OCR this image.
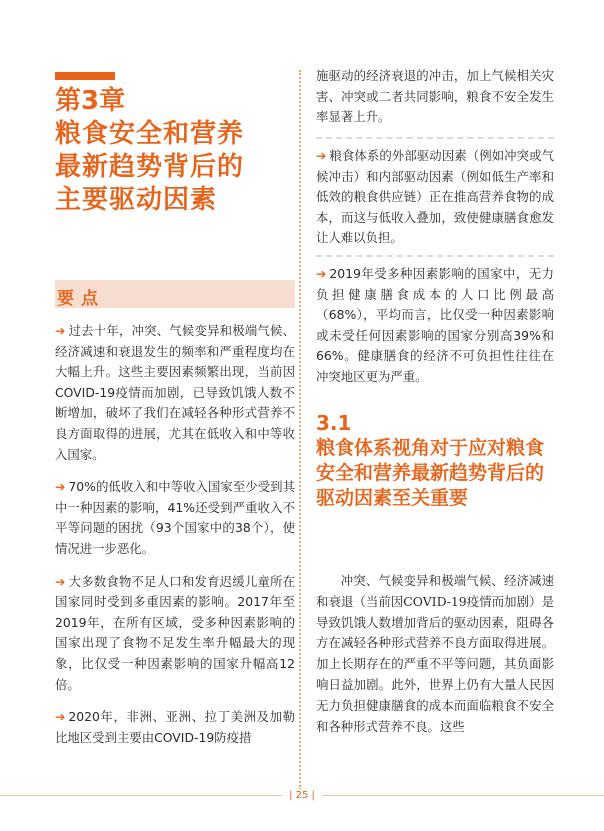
第3章
粮食安全和营养
最新趋势背后的
主要驱动因素
要点
➔ 过去十年，冲突、气候变异和极端气候、经济减速和衰退发生的频率和严重程度均在大幅上升。这些主要因素频繁出现，当前因COVID-19疫情而加剧，已导致饥饿人数不断增加，破坏了我们在减轻各种形式营养不良方面取得的进展，尤其在低收入和中等收入国家。
➔ 70%的低收入和中等收入国家至少受到其中一种因素的影响，41%还受到严重收入不平等问题的困扰（93个国家中的38个），使情况进一步恶化。
➔ 大多数食物不足人口和发育迟缓儿童所在国家同时受到多重因素的影响。2017年至2019年，在所有区域，受多种因素影响的国家出现了食物不足发生率升幅最大的现象，比仅受一种因素影响的国家升幅高12倍。
➔ 2020年，非洲、亚洲、拉丁美洲及加勒比地区受到主要由COVID-19防疫措
施驱动的经济衰退的冲击，加上气候相关灾害、冲突或二者共同影响，粮食不安全发生率显著上升。
➔ 粮食体系的外部驱动因素（例如冲突或气候冲击）和内部驱动因素（例如低生产率和低效的粮食供应链）正在推高营养食物的成本，而这与低收入叠加，致使健康膳食愈发让人难以负担。
➔ 2019年受多种因素影响的国家中，无力负担健康膳食成本的人口比例最高（68%），平均而言，比仅受一种因素影响或未受任何因素影响的国家分别高39%和66%。健康膳食的经济不可负担性往往在冲突地区更为严重。
3.1
粮食体系视角对于应对粮食安全和营养最新趋势背后的驱动因素至关重要
冲突、气候变异和极端气候、经济减速和衰退（当前因COVID-19疫情而加剧）是导致饥饿人数增加背后的驱动因素，阻碍各方在减轻各种形式营养不良方面取得进展。加上长期存在的严重不平等问题，其负面影响日益加剧。此外，世界上仍有大量人民因无力负担健康膳食的成本而面临粮食不安全和各种形式营养不良。这些
| 25 |
